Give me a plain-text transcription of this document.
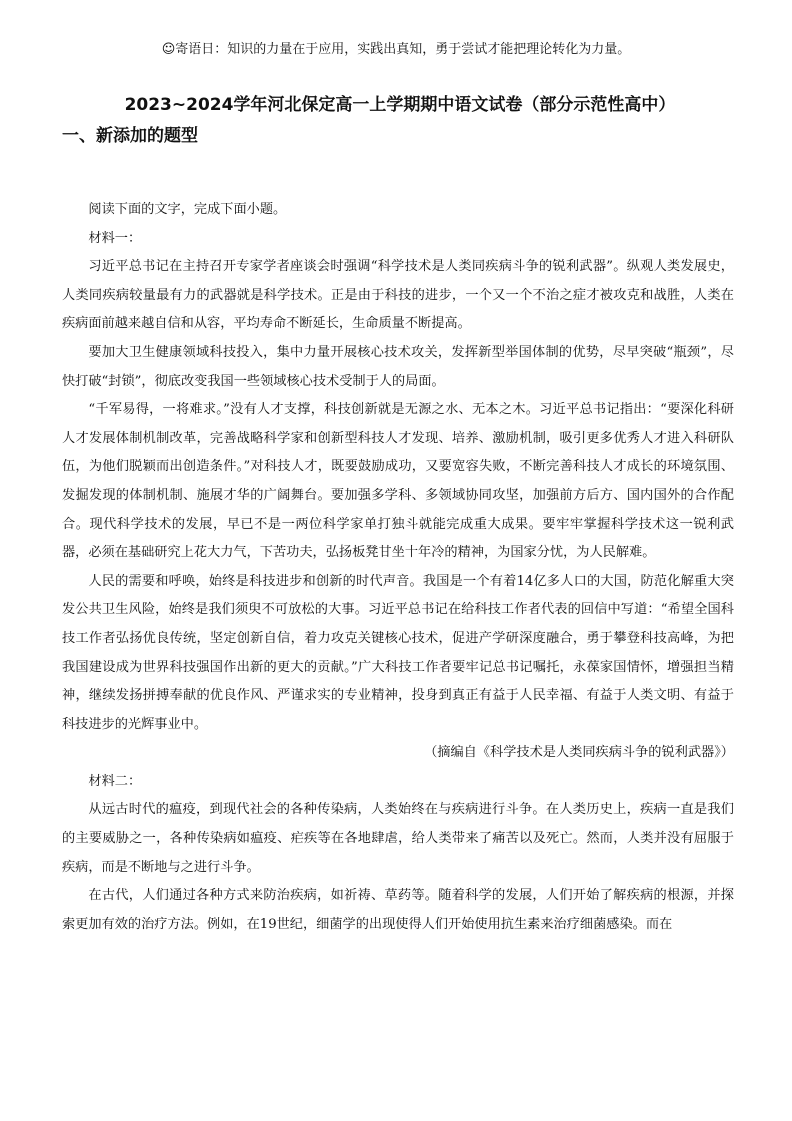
☺寄语日：知识的力量在于应用，实践出真知，勇于尝试才能把理论转化为力量。
2023~2024学年河北保定高一上学期期中语文试卷（部分示范性高中）
一、新添加的题型

阅读下面的文字，完成下面小题。

材料一：

习近平总书记在主持召开专家学者座谈会时强调“科学技术是人类同疾病斗争的锐利武器”。纵观人类发展史，人类同疾病较量最有力的武器就是科学技术。正是由于科技的进步，一个又一个不治之症才被攻克和战胜，人类在疾病面前越来越自信和从容，平均寿命不断延长，生命质量不断提高。

要加大卫生健康领域科技投入，集中力量开展核心技术攻关，发挥新型举国体制的优势，尽早突破“瓶颈”，尽快打破“封锁”，彻底改变我国一些领域核心技术受制于人的局面。

“千军易得，一将难求。”没有人才支撑，科技创新就是无源之水、无本之木。习近平总书记指出：“要深化科研人才发展体制机制改革，完善战略科学家和创新型科技人才发现、培养、激励机制，吸引更多优秀人才进入科研队伍，为他们脱颖而出创造条件。”对科技人才，既要鼓励成功，又要宽容失败，不断完善科技人才成长的环境氛围、发掘发现的体制机制、施展才华的广阔舞台。要加强多学科、多领域协同攻坚，加强前方后方、国内国外的合作配合。现代科学技术的发展，早已不是一两位科学家单打独斗就能完成重大成果。要牢牢掌握科学技术这一锐利武器，必须在基础研究上花大力气，下苦功夫，弘扬板凳甘坐十年冷的精神，为国家分忧，为人民解难。

人民的需要和呼唤，始终是科技进步和创新的时代声音。我国是一个有着14亿多人口的大国，防范化解重大突发公共卫生风险，始终是我们须臾不可放松的大事。习近平总书记在给科技工作者代表的回信中写道：“希望全国科技工作者弘扬优良传统，坚定创新自信，着力攻克关键核心技术，促进产学研深度融合，勇于攀登科技高峰，为把我国建设成为世界科技强国作出新的更大的贡献。”广大科技工作者要牢记总书记嘱托，永葆家国情怀，增强担当精神，继续发扬拼搏奉献的优良作风、严谨求实的专业精神，投身到真正有益于人民幸福、有益于人类文明、有益于科技进步的光辉事业中。

（摘编自《科学技术是人类同疾病斗争的锐利武器》）

材料二：

从远古时代的瘟疫，到现代社会的各种传染病，人类始终在与疾病进行斗争。在人类历史上，疾病一直是我们的主要威胁之一，各种传染病如瘟疫、疟疾等在各地肆虐，给人类带来了痛苦以及死亡。然而，人类并没有屈服于疾病，而是不断地与之进行斗争。

在古代，人们通过各种方式来防治疾病，如祈祷、草药等。随着科学的发展，人们开始了解疾病的根源，并探索更加有效的治疗方法。例如，在19世纪，细菌学的出现使得人们开始使用抗生素来治疗细菌感染。而在
